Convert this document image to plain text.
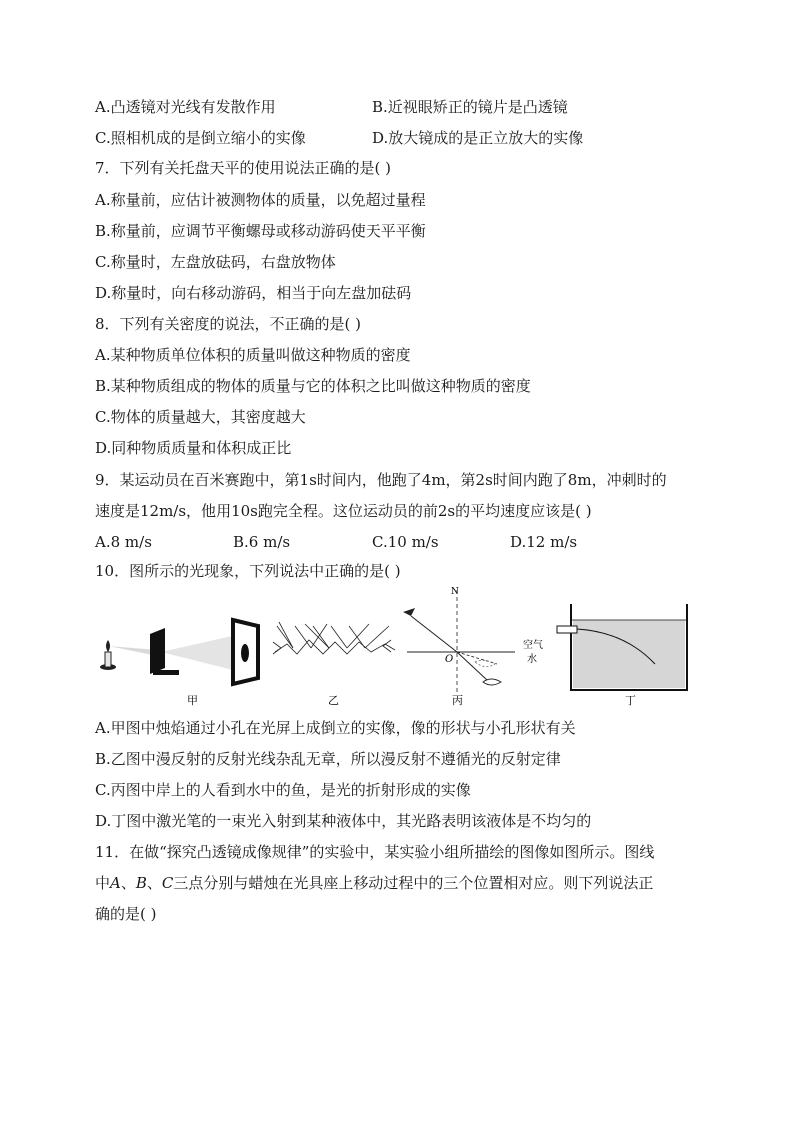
A.凸透镜对光线有发散作用	B.近视眼矫正的镜片是凸透镜
C.照相机成的是倒立缩小的实像	D.放大镜成的是正立放大的实像
7．下列有关托盘天平的使用说法正确的是( )
A.称量前，应估计被测物体的质量，以免超过量程
B.称量前，应调节平衡螺母或移动游码使天平平衡
C.称量时，左盘放砝码，右盘放物体
D.称量时，向右移动游码，相当于向左盘加砝码
8．下列有关密度的说法，不正确的是( )
A.某种物质单位体积的质量叫做这种物质的密度
B.某种物质组成的物体的质量与它的体积之比叫做这种物质的密度
C.物体的质量越大，其密度越大
D.同种物质质量和体积成正比
9．某运动员在百米赛跑中，第1s时间内，他跑了4m，第2s时间内跑了8m，冲刺时的
速度是12m/s，他用10s跑完全程。这位运动员的前2s的平均速度应该是( )
A.8 m/s	B.6 m/s	C.10 m/s	D.12 m/s
10．图所示的光现象，下列说法中正确的是( )
甲	乙
N
O
空气
水
丙	丁
A.甲图中烛焰通过小孔在光屏上成倒立的实像，像的形状与小孔形状有关
B.乙图中漫反射的反射光线杂乱无章，所以漫反射不遵循光的反射定律
C.丙图中岸上的人看到水中的鱼，是光的折射形成的实像
D.丁图中激光笔的一束光入射到某种液体中，其光路表明该液体是不均匀的
11．在做“探究凸透镜成像规律”的实验中，某实验小组所描绘的图像如图所示。图线
中A、B、C三点分别与蜡烛在光具座上移动过程中的三个位置相对应。则下列说法正
确的是( )
